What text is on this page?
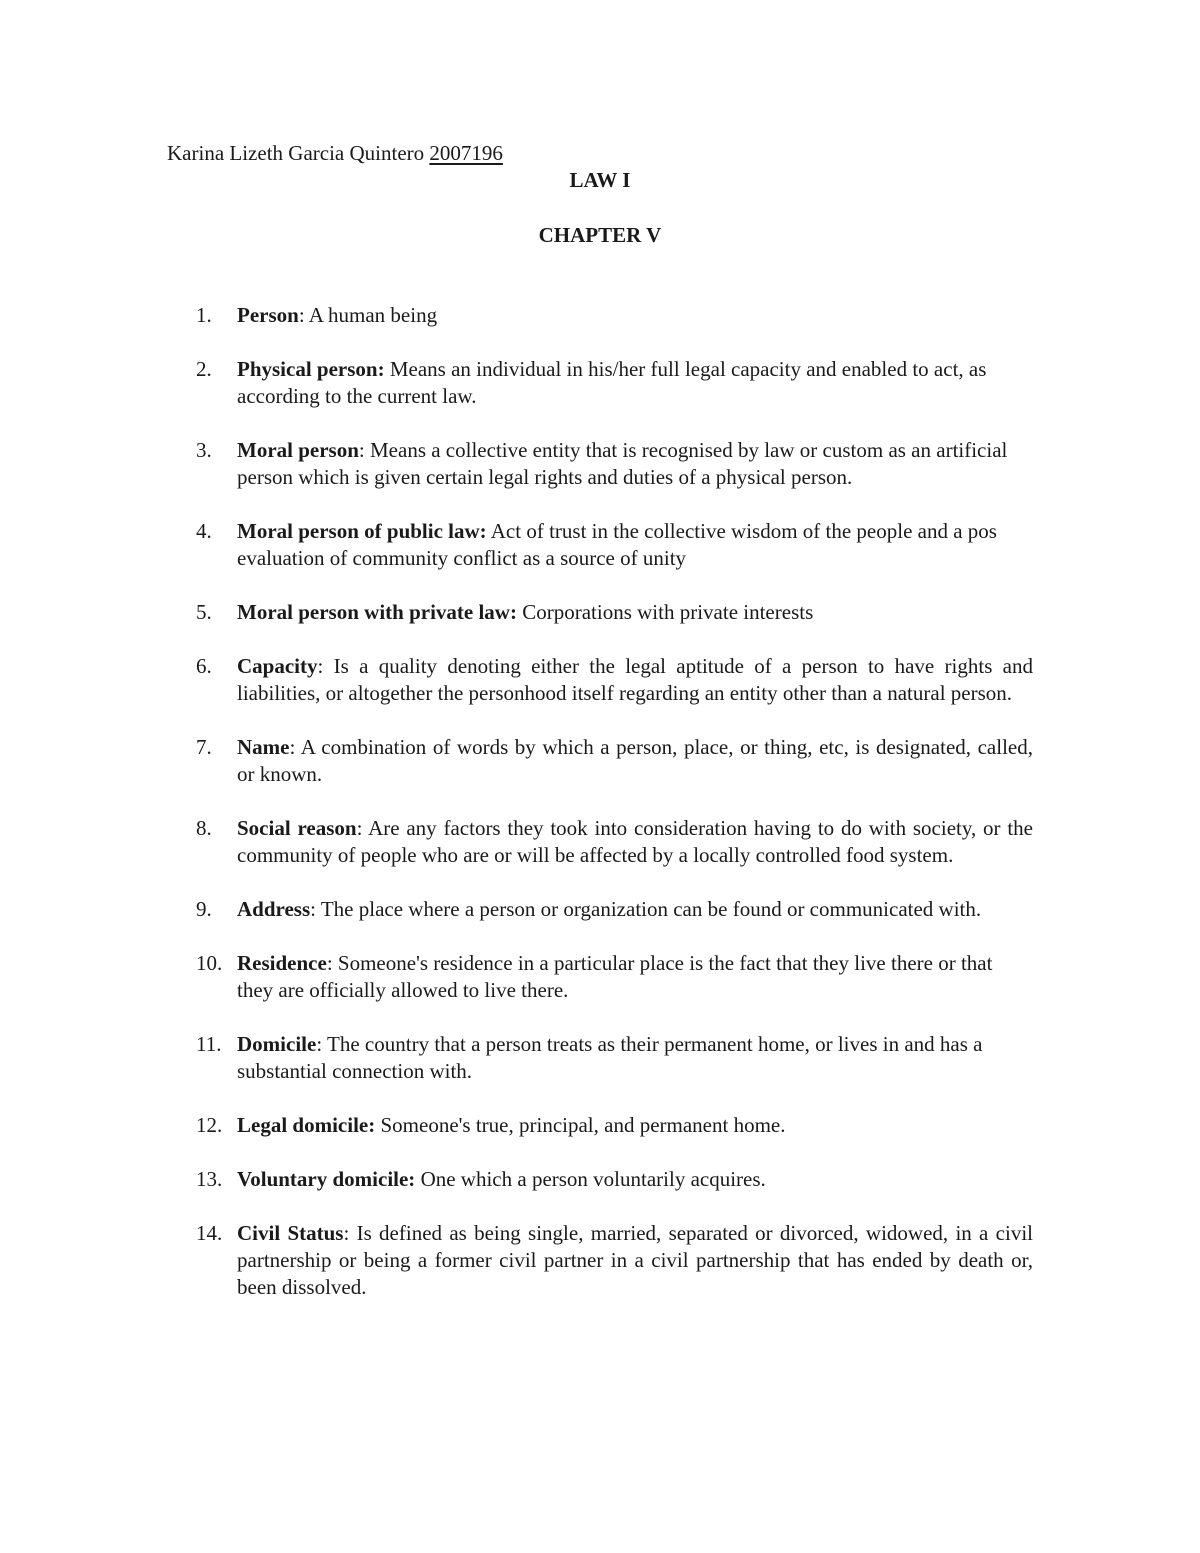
Karina Lizeth Garcia Quintero 2007196
LAW I
CHAPTER V
1.	Person: A human being
2.	Physical person: Means an individual in his/her full legal capacity and enabled to act, as according to the current law.
3.	Moral person: Means a collective entity that is recognised by law or custom as an artificial person which is given certain legal rights and duties of a physical person.
4.	Moral person of public law: Act of trust in the collective wisdom of the people and a pos evaluation of community conflict as a source of unity
5.	Moral person with private law: Corporations with private interests
6.	Capacity: Is a quality denoting either the legal aptitude of a person to have rights and liabilities, or altogether the personhood itself regarding an entity other than a natural person.
7.	Name: A combination of words by which a person, place, or thing, etc, is designated, called, or known.
8.	Social reason: Are any factors they took into consideration having to do with society, or the community of people who are or will be affected by a locally controlled food system.
9.	Address: The place where a person or organization can be found or communicated with.
10. Residence: Someone's residence in a particular place is the fact that they live there or that they are officially allowed to live there.
11. Domicile: The country that a person treats as their permanent home, or lives in and has a substantial connection with.
12. Legal domicile: Someone's true, principal, and permanent home.
13. Voluntary domicile: One which a person voluntarily acquires.
14. Civil Status: Is defined as being single, married, separated or divorced, widowed, in a civil partnership or being a former civil partner in a civil partnership that has ended by death or, been dissolved.
